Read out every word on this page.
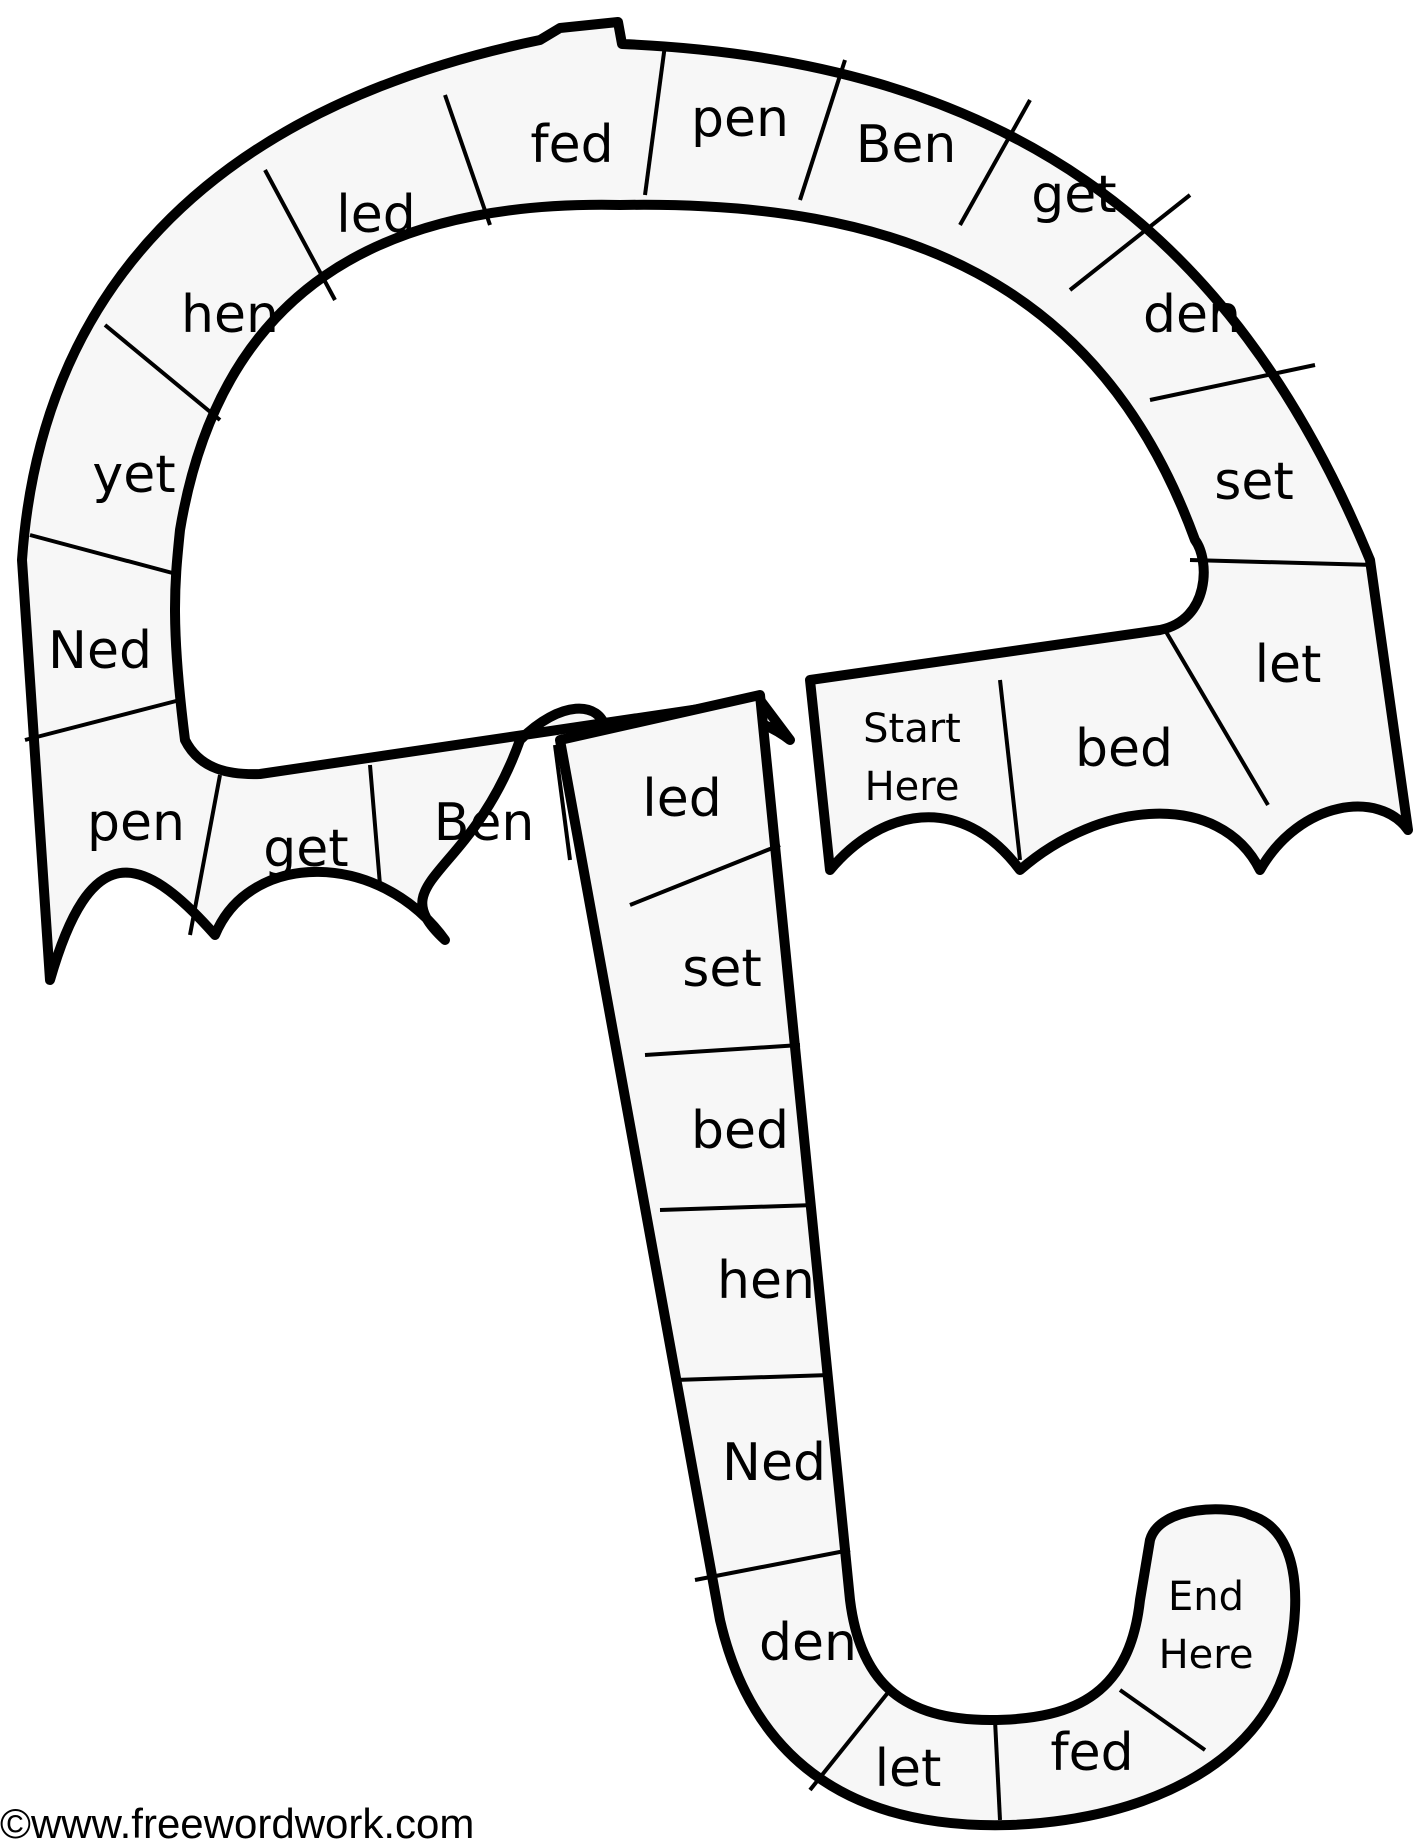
Start
Here
bed
let
set
den
get
Ben
pen
fed
led
hen
yet
Ned
pen get Ben led
set
bed
hen
Ned
den
let fed
End
Here
©www.freewordwork.com
